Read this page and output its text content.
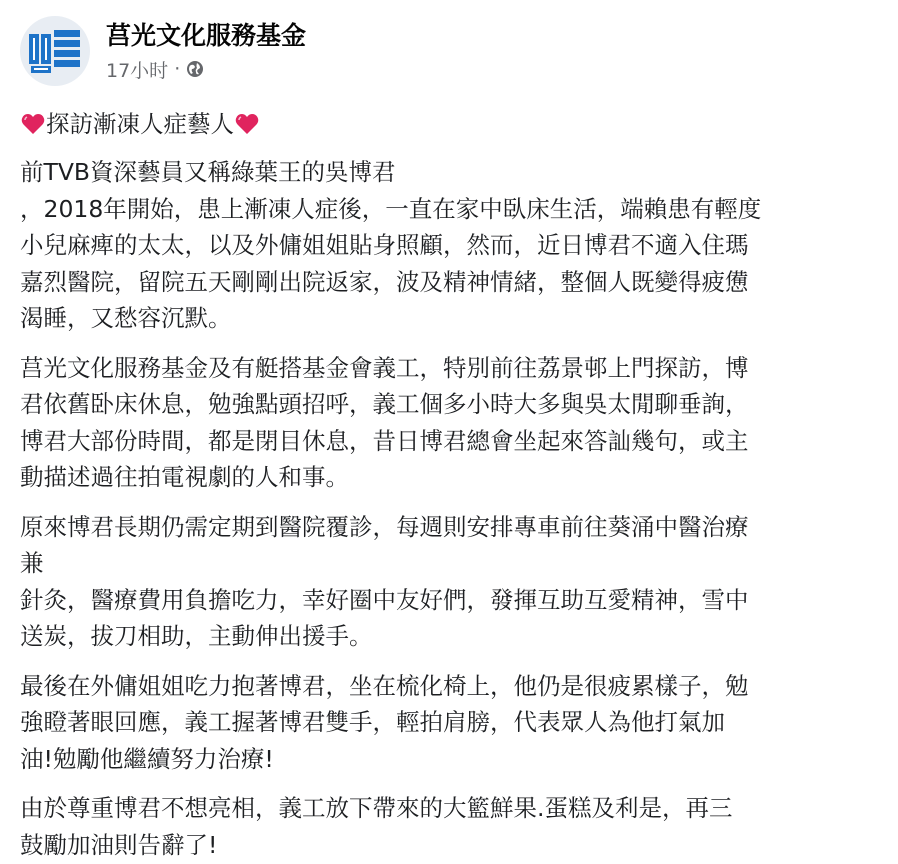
莒光文化服務基金
17小时 ·
探訪漸凍人症藝人
前TVB資深藝員又稱綠葉王的吳博君
，2018年開始，患上漸凍人症後，一直在家中臥床生活，端賴患有輕度
小兒麻痺的太太，以及外傭姐姐貼身照顧，然而，近日博君不適入住瑪
嘉烈醫院，留院五天剛剛出院返家，波及精神情緒，整個人既變得疲憊
渴睡，又愁容沉默。
莒光文化服務基金及有艇搭基金會義工，特別前往荔景邨上門探訪，博
君依舊卧床休息，勉強點頭招呼，義工個多小時大多與吳太閒聊垂詢，
博君大部份時間，都是閉目休息，昔日博君總會坐起來答訕幾句，或主
動描述過往拍電視劇的人和事。
原來博君長期仍需定期到醫院覆診，每週則安排專車前往葵涌中醫治療
兼
針灸，醫療費用負擔吃力，幸好圈中友好們，發揮互助互愛精神，雪中
送炭，拔刀相助，主動伸出援手。
最後在外傭姐姐吃力抱著博君，坐在梳化椅上，他仍是很疲累樣子，勉
強瞪著眼回應，義工握著博君雙手，輕拍肩膀，代表眾人為他打氣加
油!勉勵他繼續努力治療!
由於尊重博君不想亮相，義工放下帶來的大籃鮮果.蛋糕及利是，再三
鼓勵加油則告辭了!
